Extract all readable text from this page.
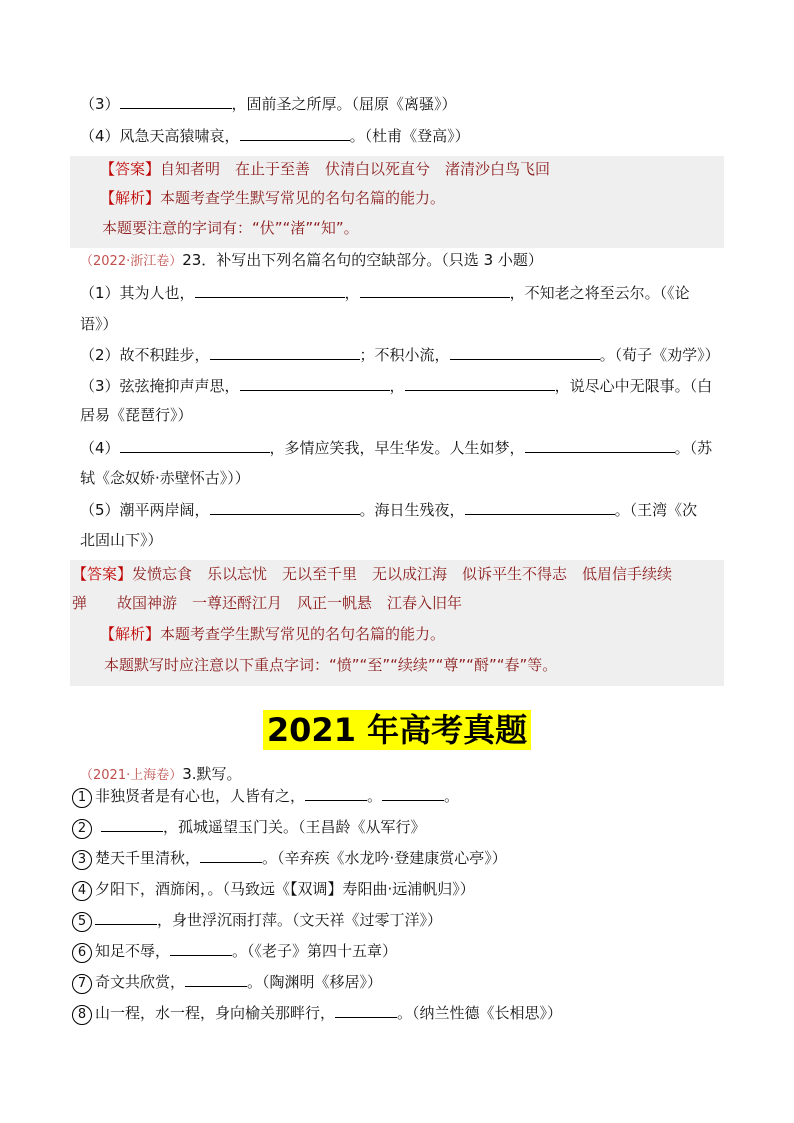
（3）	，固前圣之所厚。（屈原《离骚》）
（4）风急天高猿啸哀，	。（杜甫《登高》）
【答案】自知者明　在止于至善　伏清白以死直兮　渚清沙白鸟飞回
【解析】本题考查学生默写常见的名句名篇的能力。
本题要注意的字词有：“伏”“渚”“知”。
（2022·浙江卷）23．补写出下列名篇名句的空缺部分。（只选 3 小题）
（1）其为人也，	，	，不知老之将至云尔。（《论
语》）
（2）故不积跬步，	；不积小流，	。（荀子《劝学》）
（3）弦弦掩抑声声思，	，	，说尽心中无限事。（白
居易《琵琶行》）
（4）	，多情应笑我，早生华发。人生如梦，	。（苏
轼《念奴娇·赤壁怀古》））
（5）潮平两岸阔，	。海日生残夜，	。（王湾《次
北固山下》）
【答案】发愤忘食　乐以忘忧　无以至千里　无以成江海　似诉平生不得志　低眉信手续续
弹　　故国神游　一尊还酹江月　风正一帆悬　江春入旧年
【解析】本题考查学生默写常见的名句名篇的能力。
本题默写时应注意以下重点字词：“愤”“至”“续续”“尊”“酹”“春”等。
2021 年高考真题
（2021·上海卷）3.默写。
1 非独贤者是有心也，人皆有之，	。	。
2	，孤城遥望玉门关。（王昌龄《从军行》
3 楚天千里清秋，	。（辛弃疾《水龙吟·登建康赏心亭》）
4 夕阳下，酒旆闲，。（马致远《【双调】寿阳曲·远浦帆归》）
5	，身世浮沉雨打萍。（文天祥《过零丁洋》）
6 知足不辱，	。（《老子》第四十五章）
7 奇文共欣赏，	。（陶渊明《移居》）
8 山一程，水一程，身向榆关那畔行，	。（纳兰性德《长相思》）
